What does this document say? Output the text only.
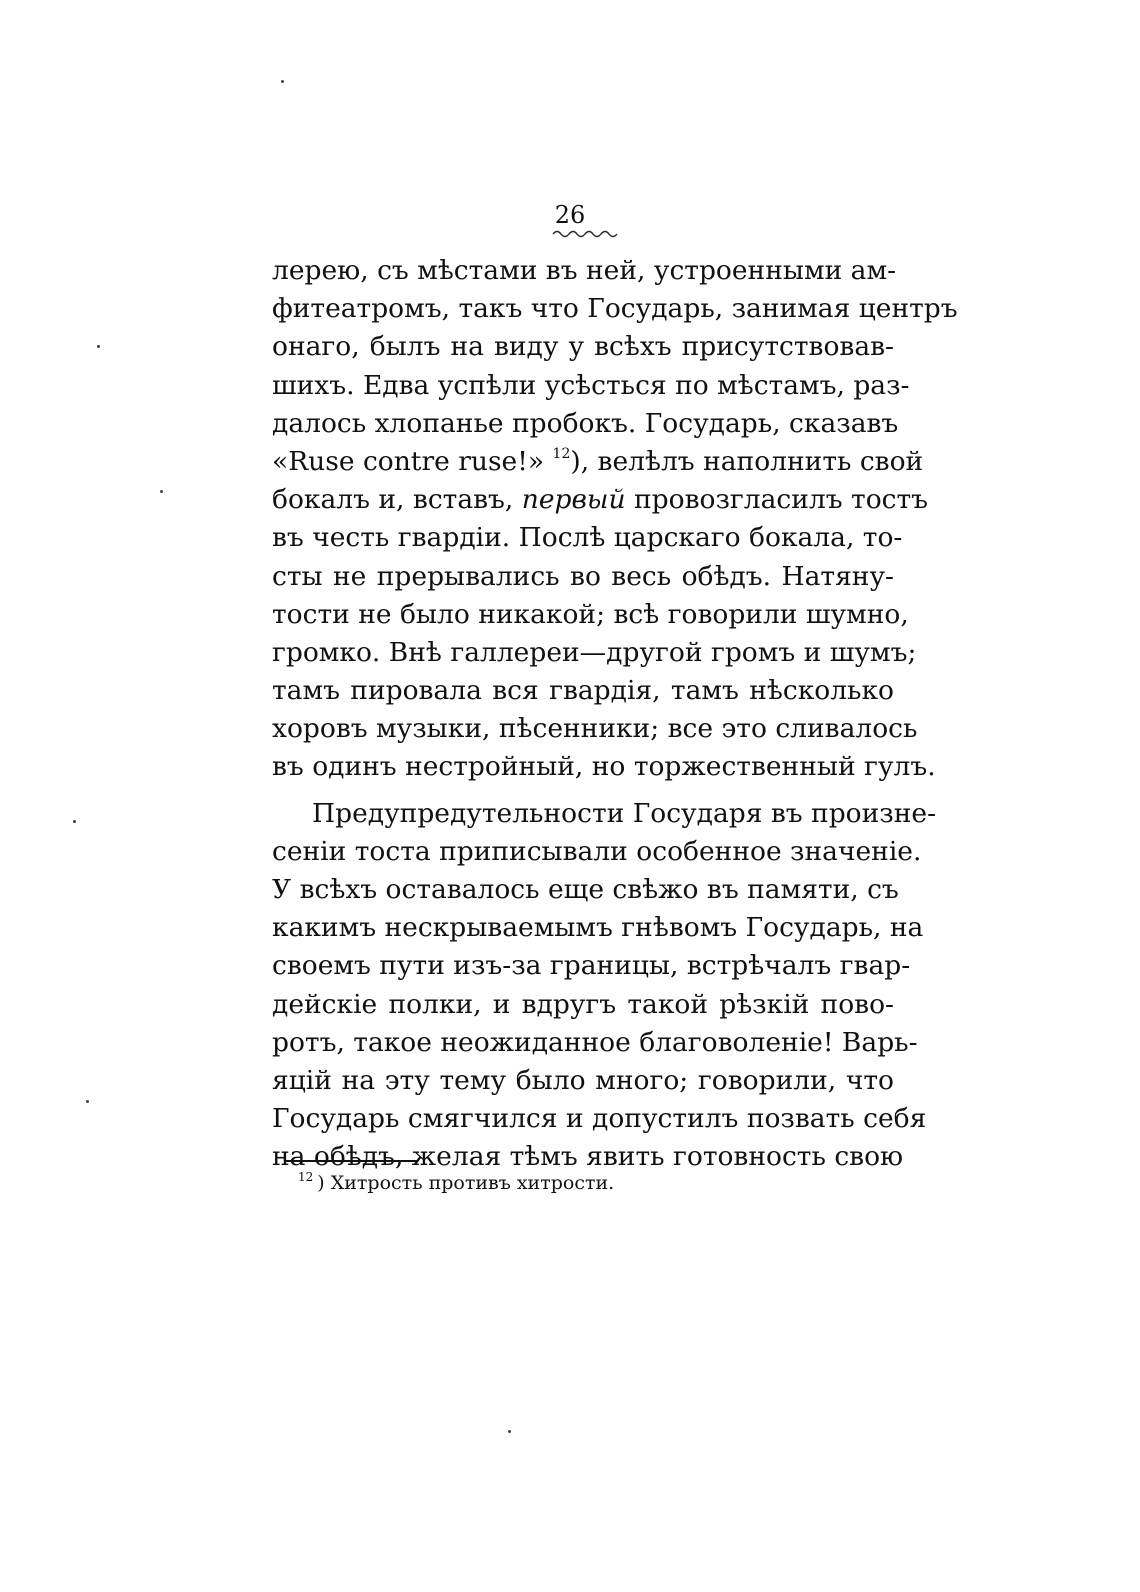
26
лерею, съ мѣстами въ ней, устроенными ам-
фитеатромъ, такъ что Государь, занимая центръ
онаго, былъ на виду у всѣхъ присутствовав-
шихъ. Едва успѣли усѣсться по мѣстамъ, раз-
далось хлопанье пробокъ. Государь, сказавъ
«Ruse contre ruse!» $^{12}$), велѣлъ наполнить свой
бокалъ и, вставъ, первый провозгласилъ тостъ
въ честь гвардіи. Послѣ царскаго бокала, то-
сты не прерывались во весь обѣдъ. Натяну-
тости не было никакой; всѣ говорили шумно,
громко. Внѣ галлереи—другой громъ и шумъ;
тамъ пировала вся гвардія, тамъ нѣсколько
хоровъ музыки, пѣсенники; все это сливалось
въ одинъ нестройный, но торжественный гулъ.
Предупредутельности Государя въ произне-
сеніи тоста приписывали особенное значеніе.
У всѣхъ оставалось еще свѣжо въ памяти, съ
какимъ нескрываемымъ гнѣвомъ Государь, на
своемъ пути изъ-за границы, встрѣчалъ гвар-
дейскіе полки, и вдругъ такой рѣзкій пово-
ротъ, такое неожиданное благоволеніе! Варь-
яцій на эту тему было много; говорили, что
Государь смягчился и допустилъ позвать себя
на обѣдъ, желая тѣмъ явить готовность свою
$^{12}$ ) Хитрость противъ хитрости.
